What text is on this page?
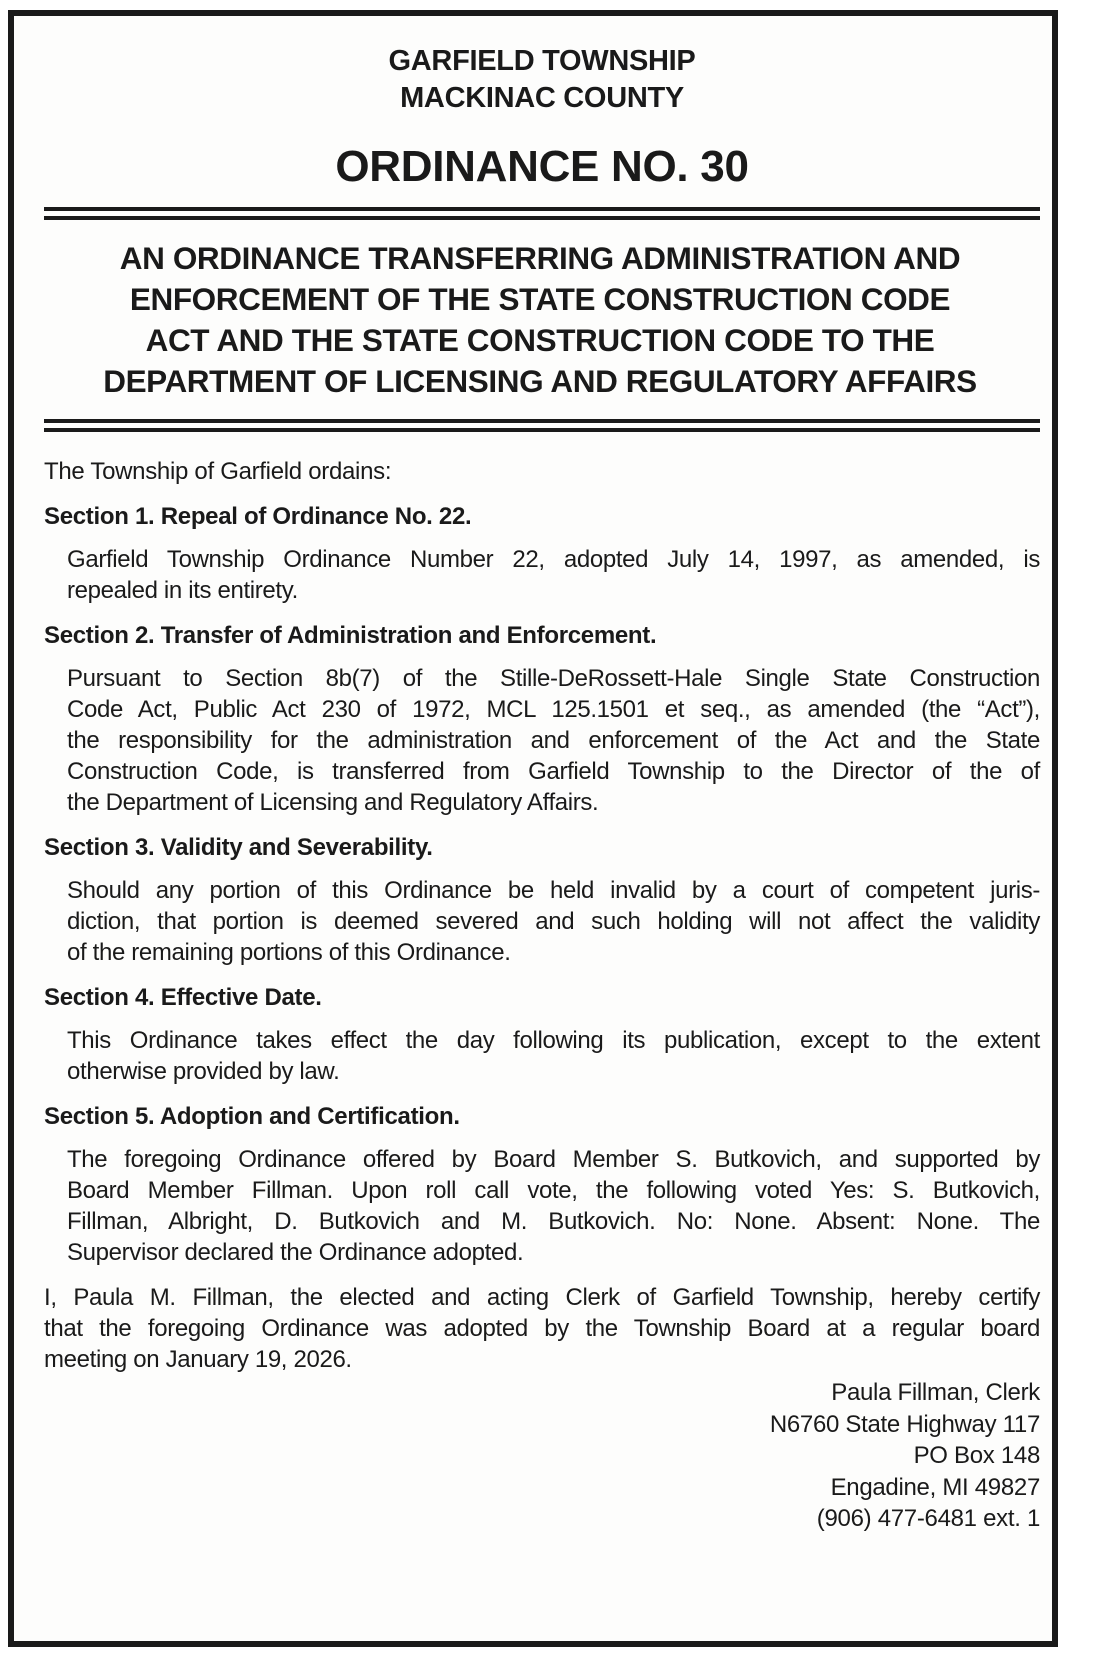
GARFIELD TOWNSHIP
MACKINAC COUNTY
ORDINANCE NO. 30
AN ORDINANCE TRANSFERRING ADMINISTRATION AND
ENFORCEMENT OF THE STATE CONSTRUCTION CODE
ACT AND THE STATE CONSTRUCTION CODE TO THE
DEPARTMENT OF LICENSING AND REGULATORY AFFAIRS

The Township of Garfield ordains:

Section 1. Repeal of Ordinance No. 22.

Garfield Township Ordinance Number 22, adopted July 14, 1997, as amended, is
repealed in its entirety.

Section 2. Transfer of Administration and Enforcement.

Pursuant to Section 8b(7) of the Stille-DeRossett-Hale Single State Construction
Code Act, Public Act 230 of 1972, MCL 125.1501 et seq., as amended (the “Act”),
the responsibility for the administration and enforcement of the Act and the State
Construction Code, is transferred from Garfield Township to the Director of the of
the Department of Licensing and Regulatory Affairs.

Section 3. Validity and Severability.

Should any portion of this Ordinance be held invalid by a court of competent juris-
diction, that portion is deemed severed and such holding will not affect the validity
of the remaining portions of this Ordinance.

Section 4. Effective Date.

This Ordinance takes effect the day following its publication, except to the extent
otherwise provided by law.

Section 5. Adoption and Certification.

The foregoing Ordinance offered by Board Member S. Butkovich, and supported by
Board Member Fillman. Upon roll call vote, the following voted Yes: S. Butkovich,
Fillman, Albright, D. Butkovich and M. Butkovich. No: None. Absent: None. The
Supervisor declared the Ordinance adopted.

I, Paula M. Fillman, the elected and acting Clerk of Garfield Township, hereby certify
that the foregoing Ordinance was adopted by the Township Board at a regular board
meeting on January 19, 2026.

Paula Fillman, Clerk
N6760 State Highway 117
PO Box 148
Engadine, MI 49827
(906) 477-6481 ext. 1
